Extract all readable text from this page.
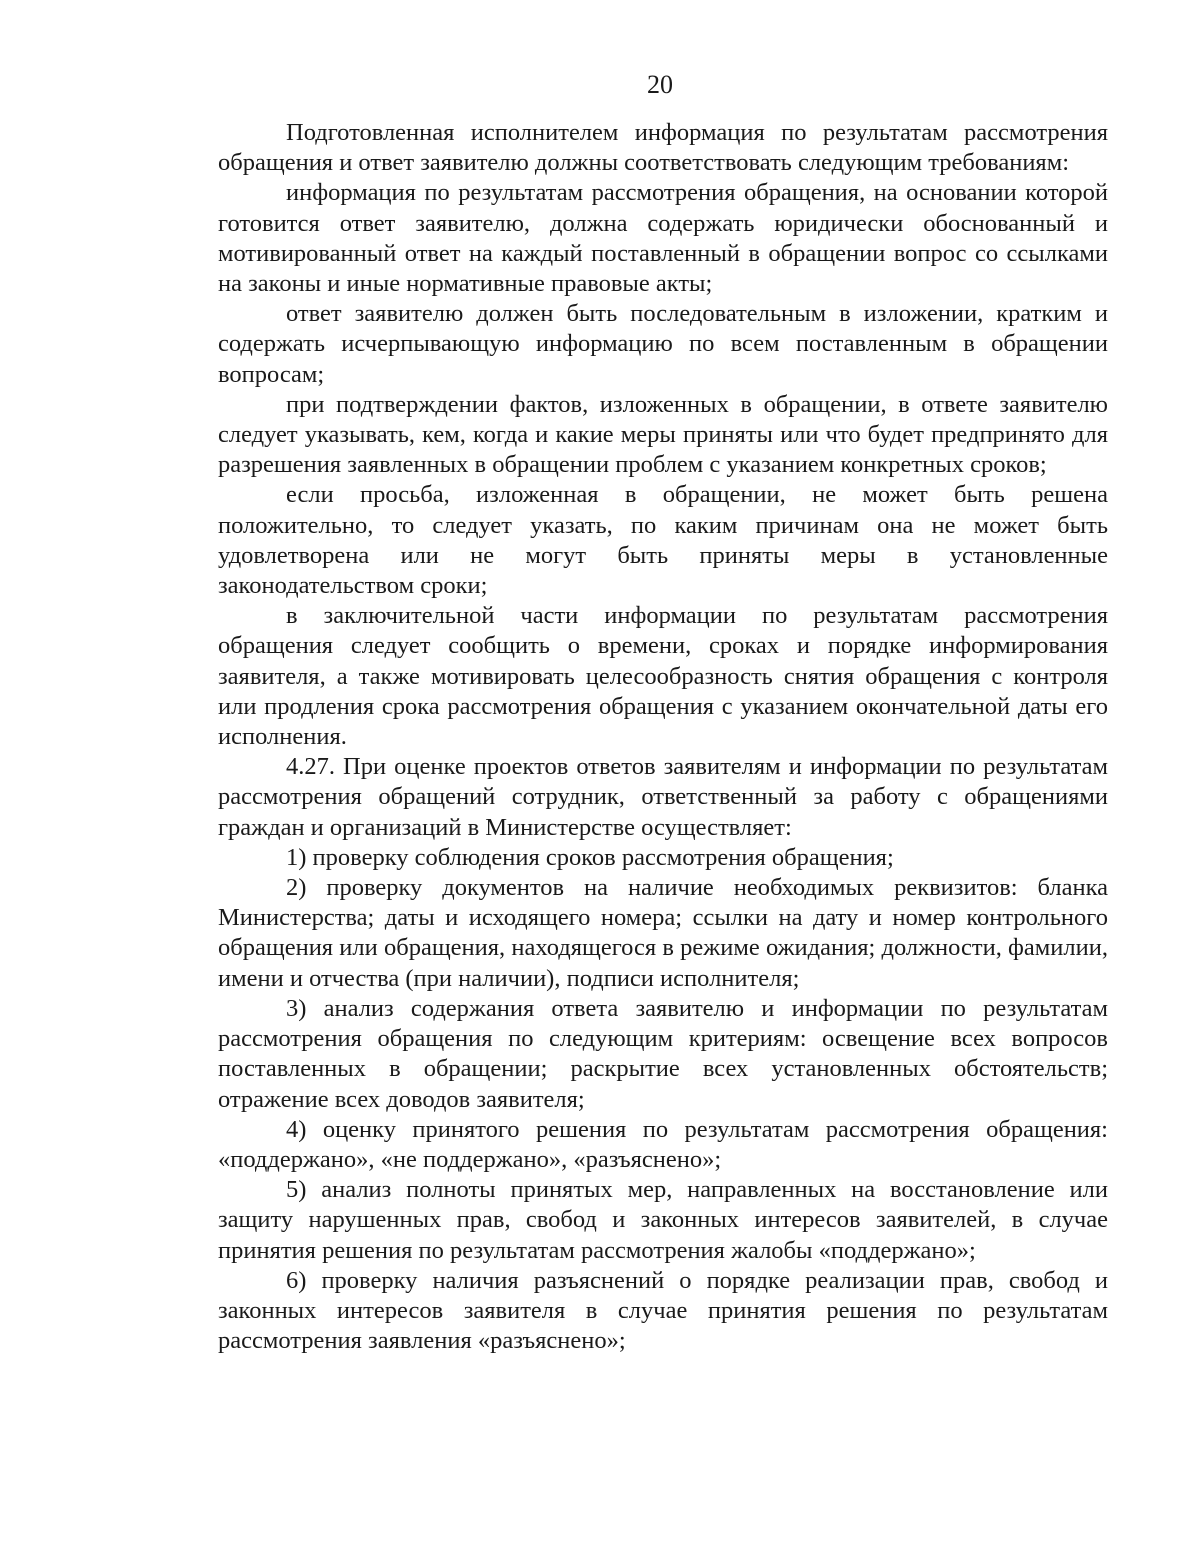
20

Подготовленная исполнителем информация по результатам рассмотрения обращения и ответ заявителю должны соответствовать следующим требованиям:

информация по результатам рассмотрения обращения, на основании которой готовится ответ заявителю, должна содержать юридически обоснованный и мотивированный ответ на каждый поставленный в обращении вопрос со ссылками на законы и иные нормативные правовые акты;

ответ заявителю должен быть последовательным в изложении, кратким и содержать исчерпывающую информацию по всем поставленным в обращении вопросам;

при подтверждении фактов, изложенных в обращении, в ответе заявителю следует указывать, кем, когда и какие меры приняты или что будет предпринято для разрешения заявленных в обращении проблем с указанием конкретных сроков;

если просьба, изложенная в обращении, не может быть решена положительно, то следует указать, по каким причинам она не может быть удовлетворена или не могут быть приняты меры в установленные законодательством сроки;

в заключительной части информации по результатам рассмотрения обращения следует сообщить о времени, сроках и порядке информирования заявителя, а также мотивировать целесообразность снятия обращения с контроля или продления срока рассмотрения обращения с указанием окончательной даты его исполнения.

4.27. При оценке проектов ответов заявителям и информации по результатам рассмотрения обращений сотрудник, ответственный за работу с обращениями граждан и организаций в Министерстве осуществляет:

1) проверку соблюдения сроков рассмотрения обращения;

2) проверку документов на наличие необходимых реквизитов: бланка Министерства; даты и исходящего номера; ссылки на дату и номер контрольного обращения или обращения, находящегося в режиме ожидания; должности, фамилии, имени и отчества (при наличии), подписи исполнителя;

3) анализ содержания ответа заявителю и информации по результатам рассмотрения обращения по следующим критериям: освещение всех вопросов поставленных в обращении; раскрытие всех установленных обстоятельств; отражение всех доводов заявителя;

4) оценку принятого решения по результатам рассмотрения обращения: «поддержано», «не поддержано», «разъяснено»;

5) анализ полноты принятых мер, направленных на восстановление или защиту нарушенных прав, свобод и законных интересов заявителей, в случае принятия решения по результатам рассмотрения жалобы «поддержано»;

6) проверку наличия разъяснений о порядке реализации прав, свобод и законных интересов заявителя в случае принятия решения по результатам рассмотрения заявления «разъяснено»;
